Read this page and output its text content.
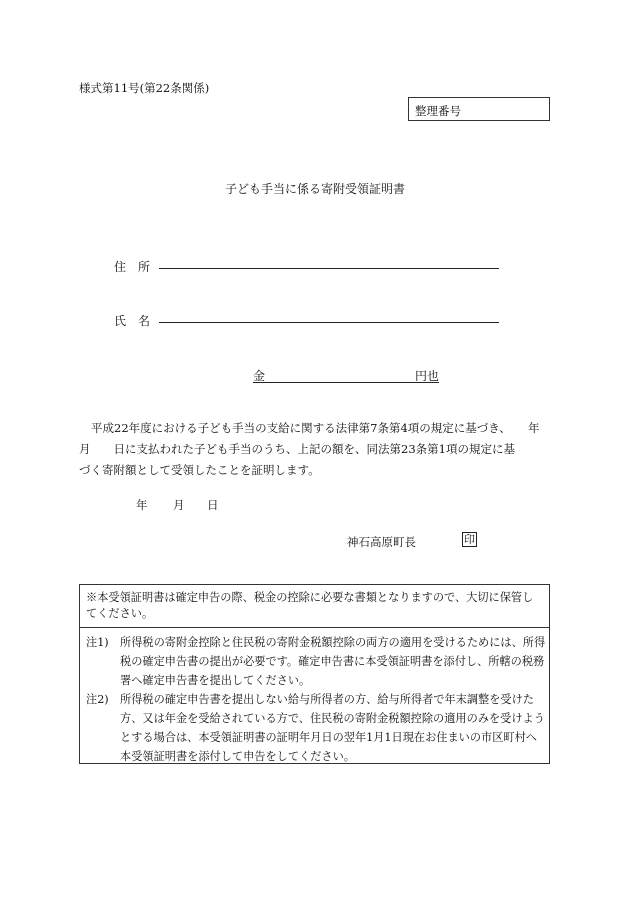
様式第11号(第22条関係)
整理番号
子ども手当に係る寄附受領証明書
住　所
氏　名
金	円也
平成22年度における子ども手当の支給に関する法律第7条第4項の規定に基づき、　　年
月　　日に支払われた子ども手当のうち、上記の額を、同法第23条第1項の規定に基
づく寄附額として受領したことを証明します。
年 月 日
神石高原町長	印

※本受領証明書は確定申告の際、税金の控除に必要な書類となりますので、大切に保管してください。

注1) 所得税の寄附金控除と住民税の寄附金税額控除の両方の適用を受けるためには、所得税の確定申告書の提出が必要です。確定申告書に本受領証明書を添付し、所轄の税務署へ確定申告書を提出してください。
注2) 所得税の確定申告書を提出しない給与所得者の方、給与所得者で年末調整を受けた方、又は年金を受給されている方で、住民税の寄附金税額控除の適用のみを受けようとする場合は、本受領証明書の証明年月日の翌年1月1日現在お住まいの市区町村へ本受領証明書を添付して申告をしてください。
